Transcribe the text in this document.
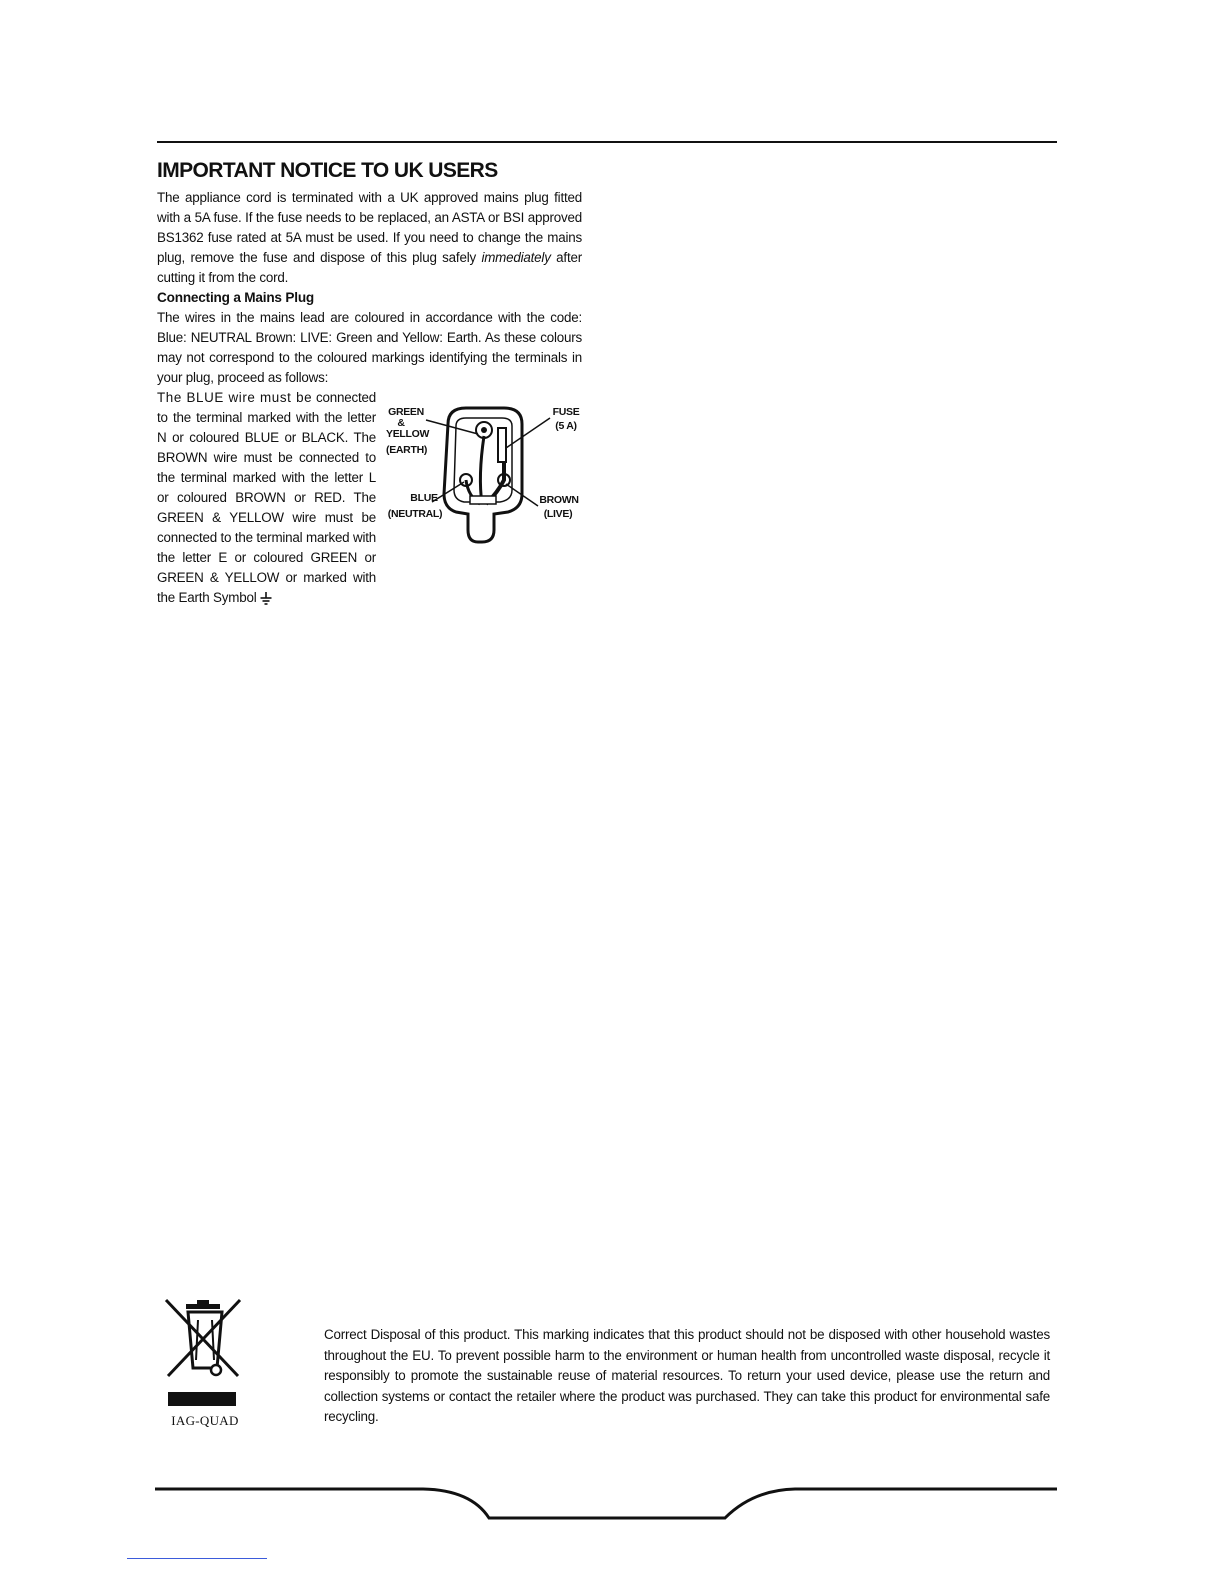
IMPORTANT NOTICE TO UK USERS

The appliance cord is terminated with a UK approved mains plug fitted with a 5A fuse. If the fuse needs to be replaced, an ASTA or BSI approved BS1362 fuse rated at 5A must be used. If you need to change the mains plug, remove the fuse and dispose of this plug safely immediately after cutting it from the cord.

Connecting a Mains Plug

The wires in the mains lead are coloured in accordance with the code: Blue: NEUTRAL Brown: LIVE: Green and Yellow: Earth. As these colours may not correspond to the coloured markings identifying the terminals in your plug, proceed as follows:

GREEN
&
YELLOW
(EARTH)
FUSE
(5 A)
BLUE
(NEUTRAL)
BROWN
(LIVE)

The BLUE wire must be connected to the terminal marked with the letter N or coloured BLUE or BLACK. The BROWN wire must be connected to the terminal marked with the letter L or coloured BROWN or RED. The GREEN & YELLOW wire must be connected to the terminal marked with the letter E or coloured GREEN or GREEN & YELLOW or marked with the Earth Symbol

IAG-QUAD

Correct Disposal of this product. This marking indicates that this product should not be disposed with other household wastes throughout the EU. To prevent possible harm to the environment or human health from uncontrolled waste disposal, recycle it responsibly to promote the sustainable reuse of material resources. To return your used device, please use the return and collection systems or contact the retailer where the product was purchased. They can take this product for environmental safe recycling.
